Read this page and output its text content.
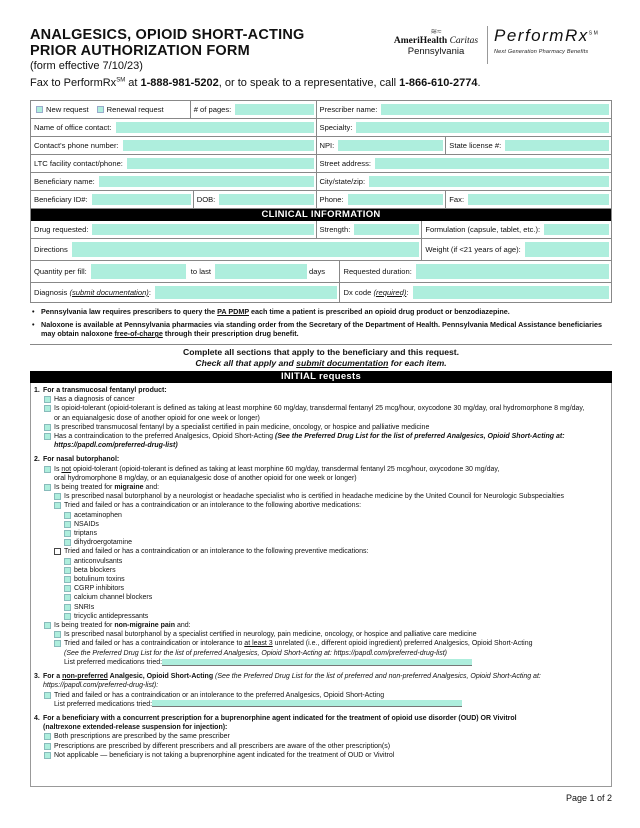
ANALGESICS, OPIOID SHORT-ACTING
PRIOR AUTHORIZATION FORM
(form effective 7/10/23)
≋≈
AmeriHealth Caritas
Pennsylvania
PerformRx℠
Next Generation Pharmacy Benefits
Fax to PerformRx℠ at 1-888-981-5202, or to speak to a representative, call 1-866-610-2774.
New request Renewal request	# of pages:	Prescriber name:
Name of office contact:	Specialty:
Contact's phone number:	NPI:	State license #:
LTC facility contact/phone:	Street address:
Beneficiary name:	City/state/zip:
Beneficiary ID#:	DOB:	Phone:	Fax:
CLINICAL INFORMATION
Drug requested:	Strength:	Formulation (capsule, tablet, etc.):
Directions	Weight (if <21 years of age):
Quantity per fill:	to last	days Requested duration:
Diagnosis (submit documentation):	Dx code (required):
• Pennsylvania law requires prescribers to query the PA PDMP each time a patient is prescribed an opioid drug product or benzodiazepine.
• Naloxone is available at Pennsylvania pharmacies via standing order from the Secretary of the Department of Health. Pennsylvania Medical Assistance beneficiaries may obtain naloxone free-of-charge through their prescription drug benefit.
Complete all sections that apply to the beneficiary and this request.
Check all that apply and submit documentation for each item.
INITIAL requests
1. For a transmucosal fentanyl product:
Has a diagnosis of cancer
Is opioid-tolerant (opioid-tolerant is defined as taking at least morphine 60 mg/day, transdermal fentanyl 25 mcg/hour, oxycodone 30 mg/day, oral hydromorphone 8 mg/day,
or an equianalgesic dose of another opioid for one week or longer)
Is prescribed transmucosal fentanyl by a specialist certified in pain medicine, oncology, or hospice and palliative medicine
Has a contraindication to the preferred Analgesics, Opioid Short-Acting (See the Preferred Drug List for the list of preferred Analgesics, Opioid Short-Acting at:
https://papdl.com/preferred-drug-list)
2. For nasal butorphanol:
Is not opioid-tolerant (opioid-tolerant is defined as taking at least morphine 60 mg/day, transdermal fentanyl 25 mcg/hour, oxycodone 30 mg/day,
oral hydromorphone 8 mg/day, or an equianalgesic dose of another opioid for one week or longer)
Is being treated for migraine and:
Is prescribed nasal butorphanol by a neurologist or headache specialist who is certified in headache medicine by the United Council for Neurologic Subspecialties
Tried and failed or has a contraindication or an intolerance to the following abortive medications:
acetaminophen
NSAIDs
triptans
dihydroergotamine
Tried and failed or has a contraindication or an intolerance to the following preventive medications:
anticonvulsants
beta blockers
botulinum toxins
CGRP inhibitors
calcium channel blockers
SNRIs
tricyclic antidepressants
Is being treated for non-migraine pain and:
Is prescribed nasal butorphanol by a specialist certified in neurology, pain medicine, oncology, or hospice and palliative care medicine
Tried and failed or has a contraindication or intolerance to at least 3 unrelated (i.e., different opioid ingredient) preferred Analgesics, Opioid Short-Acting
(See the Preferred Drug List for the list of preferred Analgesics, Opioid Short-Acting at: https://papdl.com/preferred-drug-list)
List preferred medications tried:
3. For a non-preferred Analgesic, Opioid Short-Acting (See the Preferred Drug List for the list of preferred and non-preferred Analgesics, Opioid Short-Acting at:
https://papdl.com/preferred-drug-list):
Tried and failed or has a contraindication or an intolerance to the preferred Analgesics, Opioid Short-Acting
List preferred medications tried:
4. For a beneficiary with a concurrent prescription for a buprenorphine agent indicated for the treatment of opioid use disorder (OUD) OR Vivitrol
(naltrexone extended-release suspension for injection):
Both prescriptions are prescribed by the same prescriber
Prescriptions are prescribed by different prescribers and all prescribers are aware of the other prescription(s)
Not applicable — beneficiary is not taking a buprenorphine agent indicated for the treatment of OUD or Vivitrol
Page 1 of 2
